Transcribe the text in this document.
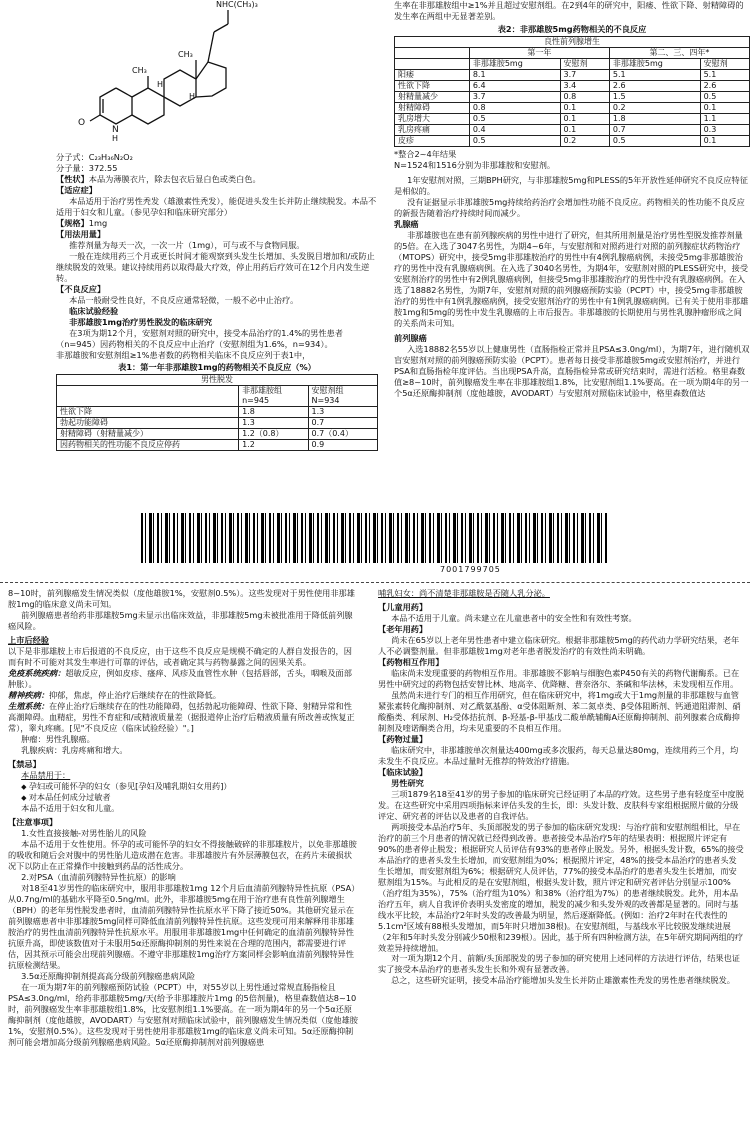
NHC(CH₃)₃
CH₃
CH₃
H
H
O
N
H

分子式：C₂₃H₃₆N₂O₂

分子量：372.55

【性状】本品为薄膜衣片，除去包衣后显白色或类白色。

【适应症】

本品适用于治疗男性秃发（雄激素性秃发），能促进头发生长并防止继续脱发。本品不适用于妇女和儿童。（参见孕妇和临床研究部分）

【规格】1mg

【用法用量】

推荐剂量为每天一次，一次一片（1mg），可与或不与食物同服。

一般在连续用药三个月或更长时间才能观察到头发生长增加、头发脱目增加和/或防止继续脱发的效果。建议持续用药以取得最大疗效，停止用药后疗效可在12个月内发生逆转。

【不良反应】

本品一般耐受性良好，不良反应通常轻微，一般不必中止治疗。

临床试验经验

非那雄胺1mg治疗男性脱发的临床研究

在3项为期12个月，安慰剂对照的研究中，接受本品治疗的1.4%的男性患者（n=945）因药物相关的不良反应中止治疗（安慰剂组为1.6%，n=934）。

非那雄胺和安慰剂组≥1%患者数的药物相关临床不良反应列于表1中，

表1：第一年非那雄胺1mg的药物相关不良反应（%）

男性脱发		
	非那雄胺组
n=945	安慰剂组
N=934
性欲下降	1.8	1.3
勃起功能障碍	1.3	0.7
射精障碍（射精量减少）	1.2（0.8）	0.7（0.4）
因药物相关的性功能不良反应停药	1.2	0.9

生率在非那雄胺组中≥1%并且超过安慰剂组。在2到4年的研究中，阳痿、性欲下降、射精障碍的发生率在两组中无显著差别。

表2：非那雄胺5mg药物相关的不良反应

良性前列腺增生				
	第一年		第二、三、四年*	
	非那雄胺5mg	安慰剂	非那雄胺5mg	安慰剂
阳痿	8.1	3.7	5.1	5.1
性欲下降	6.4	3.4	2.6	2.6
射精量减少	3.7	0.8	1.5	0.5
射精障碍	0.8	0.1	0.2	0.1
乳房增大	0.5	0.1	1.8	1.1
乳房疼痛	0.4	0.1	0.7	0.3
皮疹	0.5	0.2	0.5	0.1

*整合2~4年结果

N=1524和1516分别为非那雄胺和安慰剂。

1年安慰剂对照，三期BPH研究，与非那雄胺5mg和PLESS的5年开放性延伸研究不良反应特征是相似的。

没有证据显示非那雄胺5mg持续给药治疗会增加性功能不良反应。药物相关的性功能不良反应的新报告随着治疗持续时间而减少。

乳腺癌

非那雄胺也在患有前列腺疾病的男性中进行了研究，但其所用剂量是治疗男性型脱发推荐剂量的5倍。在入选了3047名男性，为期4~6年，与安慰剂和对照药进行对照的前列腺症状药物治疗（MTOPS）研究中，接受5mg非那雄胺治疗的男性中有4例乳腺癌病例，未接受5mg非那雄胺治疗的男性中没有乳腺癌病例。在入选了3040名男性，为期4年，安慰剂对照的PLESS研究中，接受安慰剂治疗的男性中有2例乳腺癌病例，但接受5mg非那雄胺治疗的男性中没有乳腺癌病例。在入选了18882名男性，为期7年，安慰剂对照的前列腺癌预防实验（PCPT）中，接受5mg非那雄胺治疗的男性中有1例乳腺癌病例，接受安慰剂治疗的男性中有1例乳腺癌病例。已有关于使用非那雄胺1mg和5mg的男性中发生乳腺癌的上市后报告。非那雄胺的长期使用与男性乳腺肿瘤形成之间的关系尚未可知。

前列腺癌

入选18882名55岁以上健康男性（直肠指检正常并且PSA≤3.0ng/ml），为期7年，进行随机双盲安慰剂对照的前列腺癌预防实验（PCPT）。患者每日接受非那雄胺5mg或安慰剂治疗，并进行PSA和直肠指检年度评估。当出现PSA升高，直肠指检异常或研究结束时，需进行活检。格里森数值≥8~10时，前列腺癌发生率在非那雄胺组1.8%，比安慰剂组1.1%要高。在一项为期4年的另一个5α还原酶抑制剂（度他雄胺，AVODART）与安慰剂对照临床试验中，格里森数值达

7001799705

8~10时，前列腺癌发生情况类似（度他雄胺1%，安慰剂0.5%）。这些发现对于男性使用非那雄胺1mg的临床意义尚未可知。

前列腺癌患者给药非那雄胺5mg未显示出临床效益，非那雄胺5mg未被批准用于降低前列腺癌风险。

上市后经验

以下是非那雄胺上市后报道的不良反应，由于这些不良反应是规模不确定的人群自发报告的，因而有时不可能对其发生率进行可靠的评估，或者确定其与药物暴露之间的因果关系。

免疫系统疾病：超敏反应，例如皮疹、瘙痒、风疹及血管性水肿（包括唇部，舌头，咽喉及面部肿胀）。

精神疾病：抑郁，焦虑，停止治疗后继续存在的性欲降低。

生殖系统：在停止治疗后继续存在的性功能障碍，包括勃起功能障碍、性欲下降、射精异常和性高潮障碍。血精症，男性不育症和/或精液质量差（据报道停止治疗后精液质量有所改善或恢复正常），睾丸疼痛。[见"不良反应（临床试验经验）"。]

肿瘤：男性乳腺癌。

乳腺疾病：乳房疼痛和增大。

【禁忌】

本品禁用于：

◆ 孕妇或可能怀孕的妇女（参见[孕妇及哺乳期妇女用药]）

◆ 对本品任何成分过敏者

本品不适用于妇女和儿童。

【注意事项】

1.女性直接接触-对男性胎儿的风险

本品不适用于女性使用。怀孕的或可能怀孕的妇女不得接触破碎的非那雄胺片，以免非那雄胺的吸收和随后会对腹中的男性胎儿造成潜在危害。非那雄胺片有外层薄膜包衣，在药片未破损状况下以防止在正常操作中接触到药品的活性成分。

2.对PSA（血清前列腺特异性抗原）的影响

对18至41岁男性的临床研究中，服用非那雄胺1mg 12个月后血清前列腺特异性抗原（PSA）从0.7ng/ml的基础水平降至0.5ng/ml。此外，非那雄胺5mg在用于治疗患有良性前列腺增生（BPH）的老年男性脱发患者时，血清前列腺特异性抗原水平下降了接近50%。其他研究显示在前列腺癌患者中非那雄胺5mg同样可降低血清前列腺特异性抗原。这些发现可用来解释用非那雄胺治疗的男性血清前列腺特异性抗原水平。用服用非那雄胺1mg中任何确定的血清前列腺特异性抗原升高，即使该数值对于未服用5α还原酶抑制剂的男性来说在合理的范围内，都需要进行评估，因其预示可能会出现前列腺癌。不遵守非那雄胺1mg治疗方案同样会影响血清前列腺特异性抗原检测结果。

3.5α还原酶抑制剂提高高分级前列腺癌患病风险

在一项为期7年的前列腺癌预防试验（PCPT）中，对55岁以上男性通过常规直肠指检且PSA≤3.0ng/ml，给药非那雄胺5mg/天(给予非那雄胺片1mg 的5倍剂量)，格里森数值达8~10时，前列腺癌发生率非那雄胺组1.8%，比安慰剂组1.1%要高。在一项为期4年的另一个5α还原酶抑制剂（度他雄胺，AVODART）与安慰剂对照临床试验中，前列腺癌发生情况类似（度他雄胺1%，安慰剂0.5%）。这些发现对于男性使用非那雄胺1mg的临床意义尚未可知。5α还原酶抑制剂可能会增加高分级前列腺癌患病风险。5α还原酶抑制剂对前列腺癌患

哺乳妇女：尚不清楚非那雄胺是否随人乳分泌。

【儿童用药】

本品不适用于儿童。尚未建立在儿童患者中的安全性和有效性考察。

【老年用药】

尚未在65岁以上老年男性患者中建立临床研究。根据非那雄胺5mg的药代动力学研究结果，老年人不必调整剂量。但非那雄胺1mg对老年患者脱发治疗的有效性尚未明确。

【药物相互作用】

临床尚未发现重要的药物相互作用。非那雄胺不影响与细胞色素P450有关的药物代谢酶系。已在男性中研究过的药物包括安替比林、地高辛、优降糖、普奈洛尔、茶碱和华法林，未发现相互作用。

虽然尚未进行专门的相互作用研究，但在临床研究中，将1mg或大于1mg剂量的非那雄胺与血管紧张素转化酶抑制剂、对乙酰氨基酚、α受体阻断剂、苯二氮卓类、β受体阻断剂、钙通道阻滞剂、硝酸酯类、利尿剂、H₂受体拮抗剂、β-羟基-β-甲基戊二酸单酰辅酶A还原酶抑制剂、前列腺素合成酶抑制剂及喹诺酮类合用，均未见重要的不良相互作用。

【药物过量】

临床研究中，非那雄胺单次剂量达400mg或多次服药，每天总量达80mg，连续用药三个月，均未发生不良反应。本品过量时无推荐的特效治疗措施。

【临床试验】

男性研究

三项1879名18至41岁的男子参加的临床研究已经证明了本品的疗效。这些男子患有轻度至中度脱发。在这些研究中采用四项指标来评估头发的生长，即：头发计数、皮肤科专家组根据照片做的分级评定、研究者的评估以及患者的自我评估。

两项接受本品治疗5年、头顶部脱发的男子参加的临床研究发现：与治疗前和安慰剂组相比，早在治疗的前三个月患者的情况就已经得到改善。患者接受本品治疗5年的结果表明：根据照片评定有90%的患者停止脱发；根据研究人员评估有93%的患者停止脱发。另外，根据头发计数，65%的接受本品治疗的患者头发生长增加，而安慰剂组为0%；根据照片评定，48%的接受本品治疗的患者头发生长增加，而安慰剂组为6%；根据研究人员评估，77%的接受本品治疗的患者头发生长增加，而安慰剂组为15%。与此相反的是在安慰剂组，根据头发计数，照片评定和研究者评估分别显示100%（治疗组为35%），75%（治疗组为10%）和38%（治疗组为7%）的患者继续脱发。此外，用本品治疗五年，病人自我评价表明头发密度的增加，脱发的减少和头发外观的改善都是显著的。同时与基线水平比较，本品治疗2年时头发的改善最为明显，然后逐渐降低。(例如：治疗2年时在代表性的5.1cm²区域有88根头发增加，而5年时只增加38根)。在安慰剂组，与基线水平比较脱发继续进展（2年和5年时头发分别减少50根和239根）。因此，基于所有四种检测方法，在5年研究期间两组的疗效差异持续增加。

对一项为期12个月、前额/头顶部脱发的男子参加的研究使用上述同样的方法进行评估，结果也证实了接受本品治疗的患者头发生长和外观有显著改善。

总之，这些研究证明，接受本品治疗能增加头发生长并防止雄激素性秃发的男性患者继续脱发。
